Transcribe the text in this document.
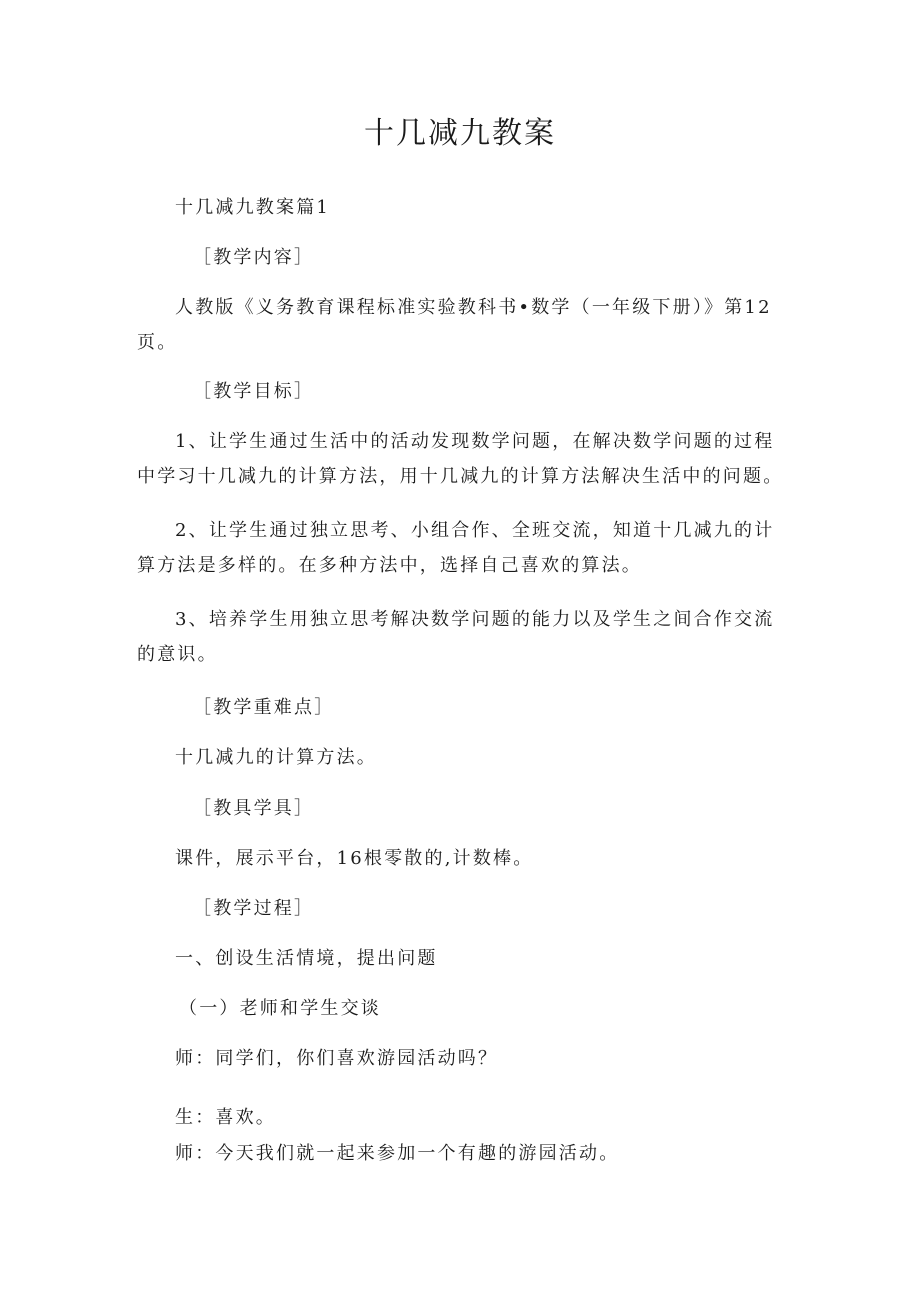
十几减九教案

十几减九教案篇1

［教学内容］

人教版《义务教育课程标准实验教科书•数学（一年级下册）》第12页。

［教学目标］

1、让学生通过生活中的活动发现数学问题，在解决数学问题的过程中学习十几减九的计算方法，用十几减九的计算方法解决生活中的问题。

2、让学生通过独立思考、小组合作、全班交流，知道十几减九的计算方法是多样的。在多种方法中，选择自己喜欢的算法。

3、培养学生用独立思考解决数学问题的能力以及学生之间合作交流的意识。

［教学重难点］

十几减九的计算方法。

［教具学具］

课件，展示平台，16根零散的,计数棒。

［教学过程］

一、创设生活情境，提出问题

（一）老师和学生交谈

师：同学们，你们喜欢游园活动吗？

生：喜欢。

师：今天我们就一起来参加一个有趣的游园活动。
